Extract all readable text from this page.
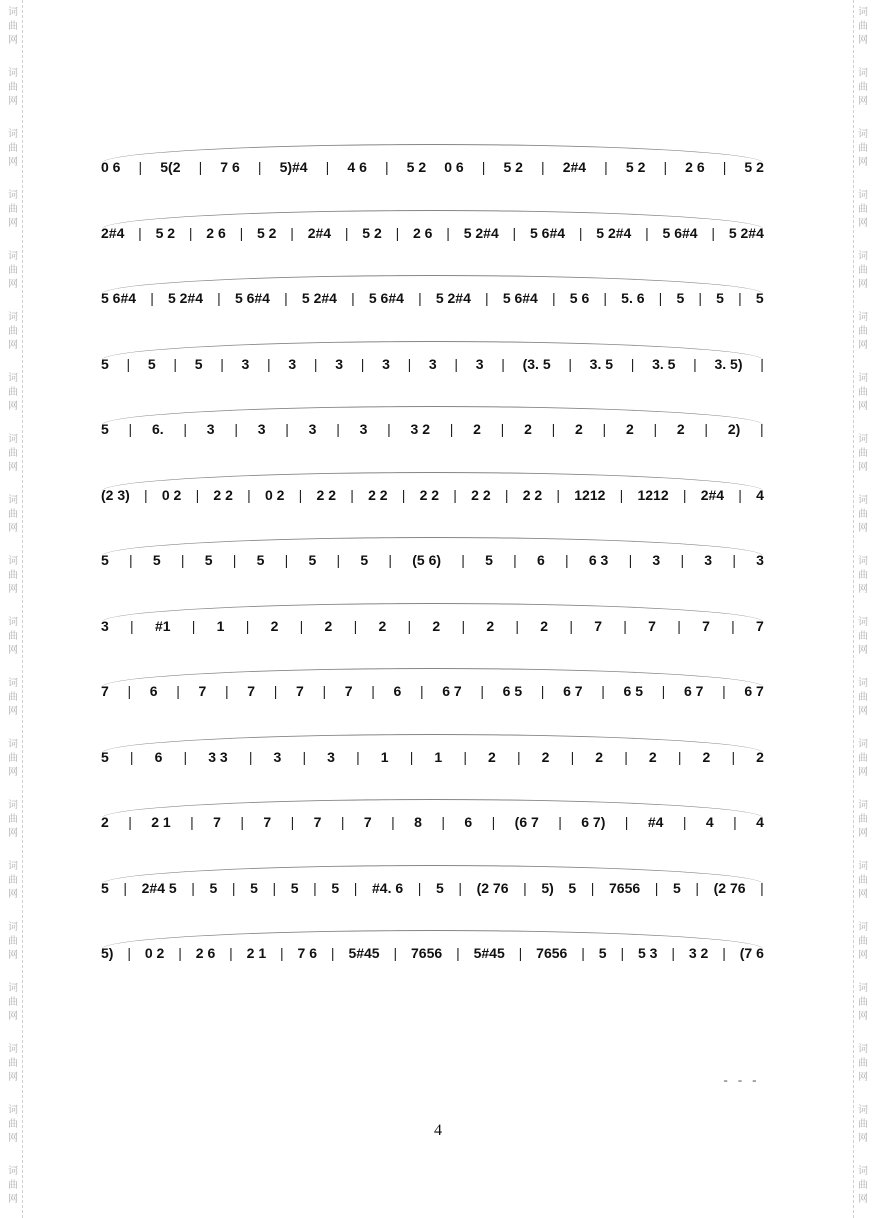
词
曲
网
词
曲
网
词
曲
网
词
曲
网
词
曲
网
词
曲
网
词
曲
网
词
曲
网
词
曲
网
词
曲
网
词
曲
网
词
曲
网
词
曲
网
词
曲
网
词
曲
网
词
曲
网
词
曲
网
词
曲
网
词
曲
网
词
曲
网
词
曲
网
词
曲
网
词
曲
网
词
曲
网
词
曲
网
词
曲
网
词
曲
网
词
曲
网
词
曲
网
词
曲
网
词
曲
网
词
曲
网
词
曲
网
词
曲
网
词
曲
网
词
曲
网
词
曲
网
词
曲
网
词
曲
网
词
曲
网
0 6 | 5(2 | 7 6 | 5)#4 | 4 6 | 5 2 0 6 | 5 2 | 2#4 | 5 2 | 2 6 | 5 2
2#4 | 5 2 | 2 6 | 5 2 | 2#4 | 5 2 | 2 6 | 5 2#4 | 5 6#4 | 5 2#4 | 5 6#4 | 5 2#4
5 6#4 | 5 2#4 | 5 6#4 | 5 2#4 | 5 6#4 | 5 2#4 | 5 6#4 | 5 6 | 5. 6 | 5 | 5 | 5
5 | 5 | 5 | 3 | 3 | 3 | 3 | 3 | 3 | (3. 5 | 3. 5 | 3. 5 | 3. 5) |
5 | 6. | 3 | 3 | 3 | 3 | 3 2 | 2 | 2 | 2 | 2 | 2 | 2) |
(2 3) | 0 2 | 2 2 | 0 2 | 2 2 | 2 2 | 2 2 | 2 2 | 2 2 | 1212 | 1212 | 2#4 | 4
5 | 5 | 5 | 5 | 5 | 5 | (5 6) | 5 | 6 | 6 3 | 3 | 3 | 3
3 | #1 | 1 | 2 | 2 | 2 | 2 | 2 | 2 | 7 | 7 | 7 | 7
7 | 6 | 7 | 7 | 7 | 7 | 6 | 6 7 | 6 5 | 6 7 | 6 5 | 6 7 | 6 7
5 | 6 | 3 3 | 3 | 3 | 1 | 1 | 2 | 2 | 2 | 2 | 2 | 2
2 | 2 1 | 7 | 7 | 7 | 7 | 8 | 6 | (6 7 | 6 7) | #4 | 4 | 4
5 | 2#4 5 | 5 | 5 | 5 | 5 | #4. 6 | 5 | (2 76 | 5) 5 | 7656 | 5 | (2 76 |
5) | 0 2 | 2 6 | 2 1 | 7 6 | 5#45 | 7656 | 5#45 | 7656 | 5 | 5 3 | 3 2 | (7 6
- - -
4
